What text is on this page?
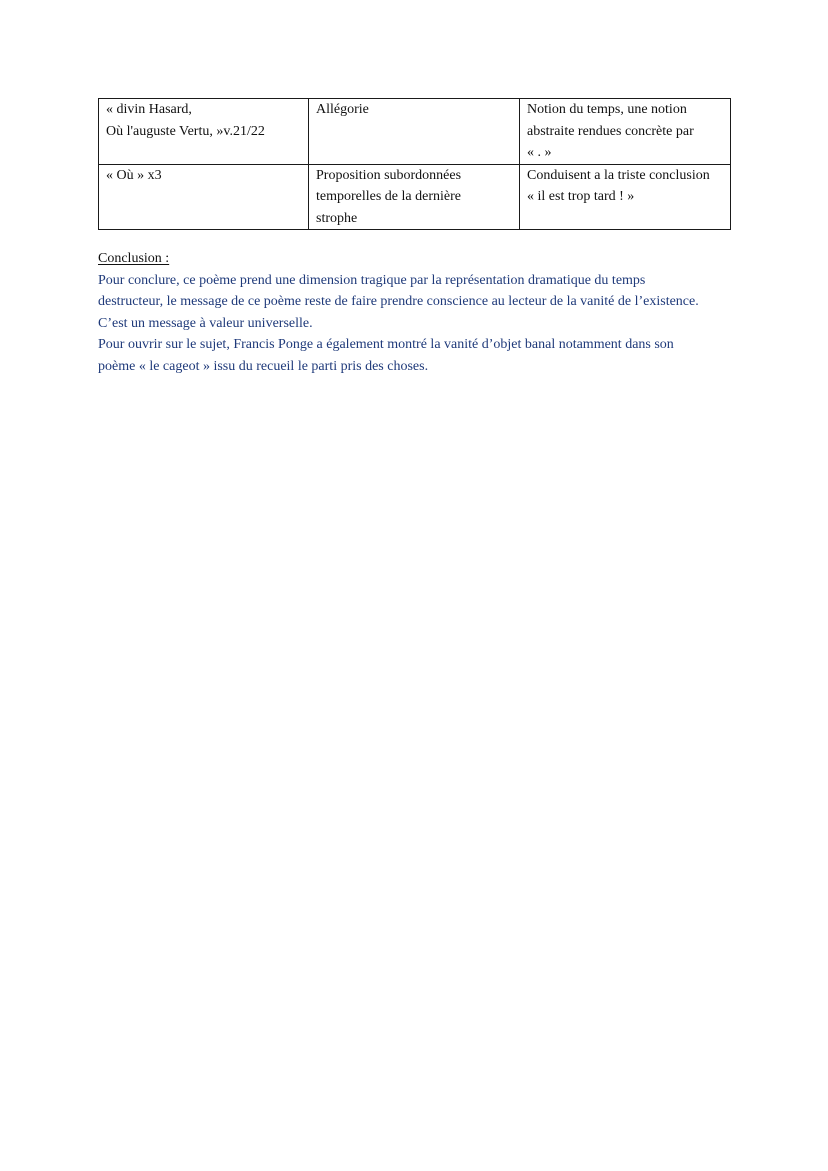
« divin Hasard,
Où l'auguste Vertu, »v.21/22	Allégorie	Notion du temps, une notion
abstraite rendues concrète par
« . »

« Où » x3	Proposition subordonnées
temporelles de la dernière
strophe	Conduisent a la triste conclusion
« il est trop tard ! »
Conclusion :
Pour conclure, ce poème prend une dimension tragique par la représentation dramatique du temps
destructeur, le message de ce poème reste de faire prendre conscience au lecteur de la vanité de l’existence.
C’est un message à valeur universelle.
Pour ouvrir sur le sujet, Francis Ponge a également montré la vanité d’objet banal notamment dans son
poème « le cageot » issu du recueil le parti pris des choses.
